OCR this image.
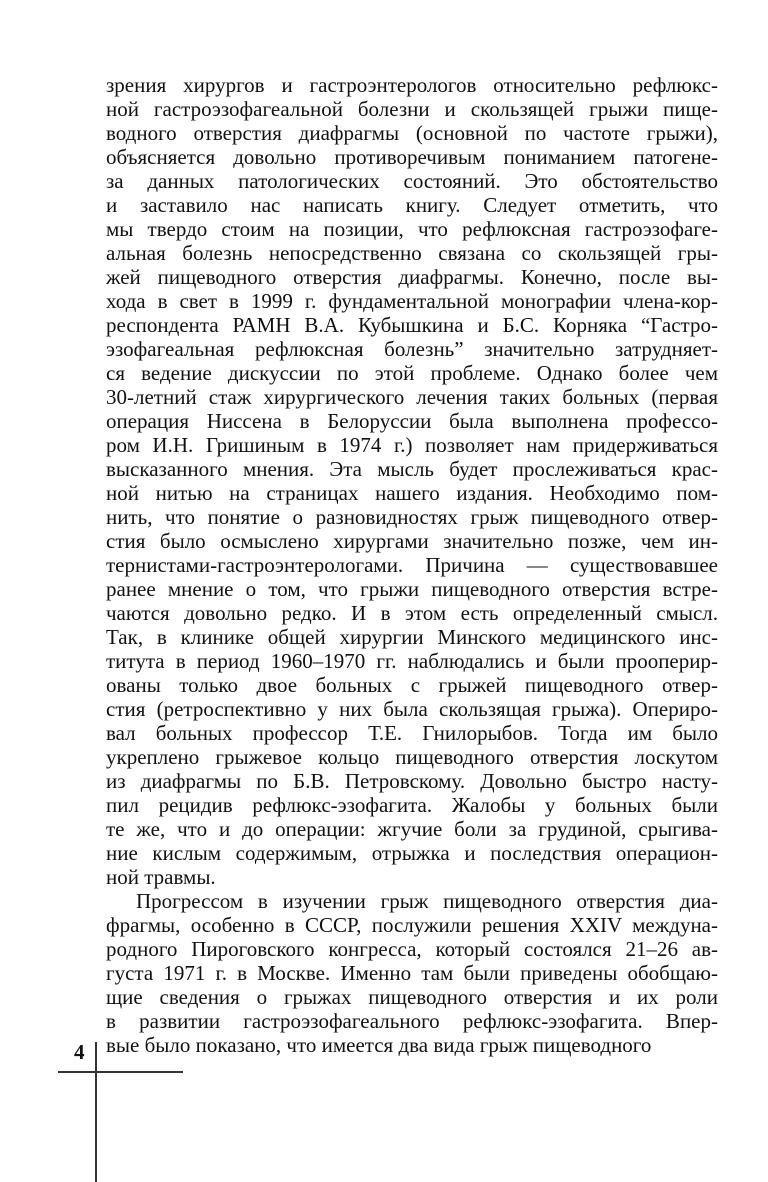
зрения хирургов и гастроэнтерологов относительно рефлюкс-
ной гастроэзофагеальной болезни и скользящей грыжи пище-
водного отверстия диафрагмы (основной по частоте грыжи),
объясняется довольно противоречивым пониманием патогене-
за данных патологических состояний. Это обстоятельство
и заставило нас написать книгу. Следует отметить, что
мы твердо стоим на позиции, что рефлюксная гастроэзофаге-
альная болезнь непосредственно связана со скользящей гры-
жей пищеводного отверстия диафрагмы. Конечно, после вы-
хода в свет в 1999 г. фундаментальной монографии члена-кор-
респондента РАМН В.А. Кубышкина и Б.С. Корняка “Гастро-
эзофагеальная рефлюксная болезнь” значительно затрудняет-
ся ведение дискуссии по этой проблеме. Однако более чем
30-летний стаж хирургического лечения таких больных (первая
операция Ниссена в Белоруссии была выполнена профессо-
ром И.Н. Гришиным в 1974 г.) позволяет нам придерживаться
высказанного мнения. Эта мысль будет прослеживаться крас-
ной нитью на страницах нашего издания. Необходимо пом-
нить, что понятие о разновидностях грыж пищеводного отвер-
стия было осмыслено хирургами значительно позже, чем ин-
тернистами-гастроэнтерологами. Причина — существовавшее
ранее мнение о том, что грыжи пищеводного отверстия встре-
чаются довольно редко. И в этом есть определенный смысл.
Так, в клинике общей хирургии Минского медицинского инс-
титута в период 1960–1970 гг. наблюдались и были прооперир-
ованы только двое больных с грыжей пищеводного отвер-
стия (ретроспективно у них была скользящая грыжа). Опериро-
вал больных профессор Т.Е. Гнилорыбов. Тогда им было
укреплено грыжевое кольцо пищеводного отверстия лоскутом
из диафрагмы по Б.В. Петровскому. Довольно быстро насту-
пил рецидив рефлюкс-эзофагита. Жалобы у больных были
те же, что и до операции: жгучие боли за грудиной, срыгива-
ние кислым содержимым, отрыжка и последствия операцион-
ной травмы.
Прогрессом в изучении грыж пищеводного отверстия диа-
фрагмы, особенно в СССР, послужили решения XXIV междуна-
родного Пироговского конгресса, который состоялся 21–26 ав-
густа 1971 г. в Москве. Именно там были приведены обобщаю-
щие сведения о грыжах пищеводного отверстия и их роли
в развитии гастроэзофагеального рефлюкс-эзофагита. Впер-
вые было показано, что имеется два вида грыж пищеводного
4
